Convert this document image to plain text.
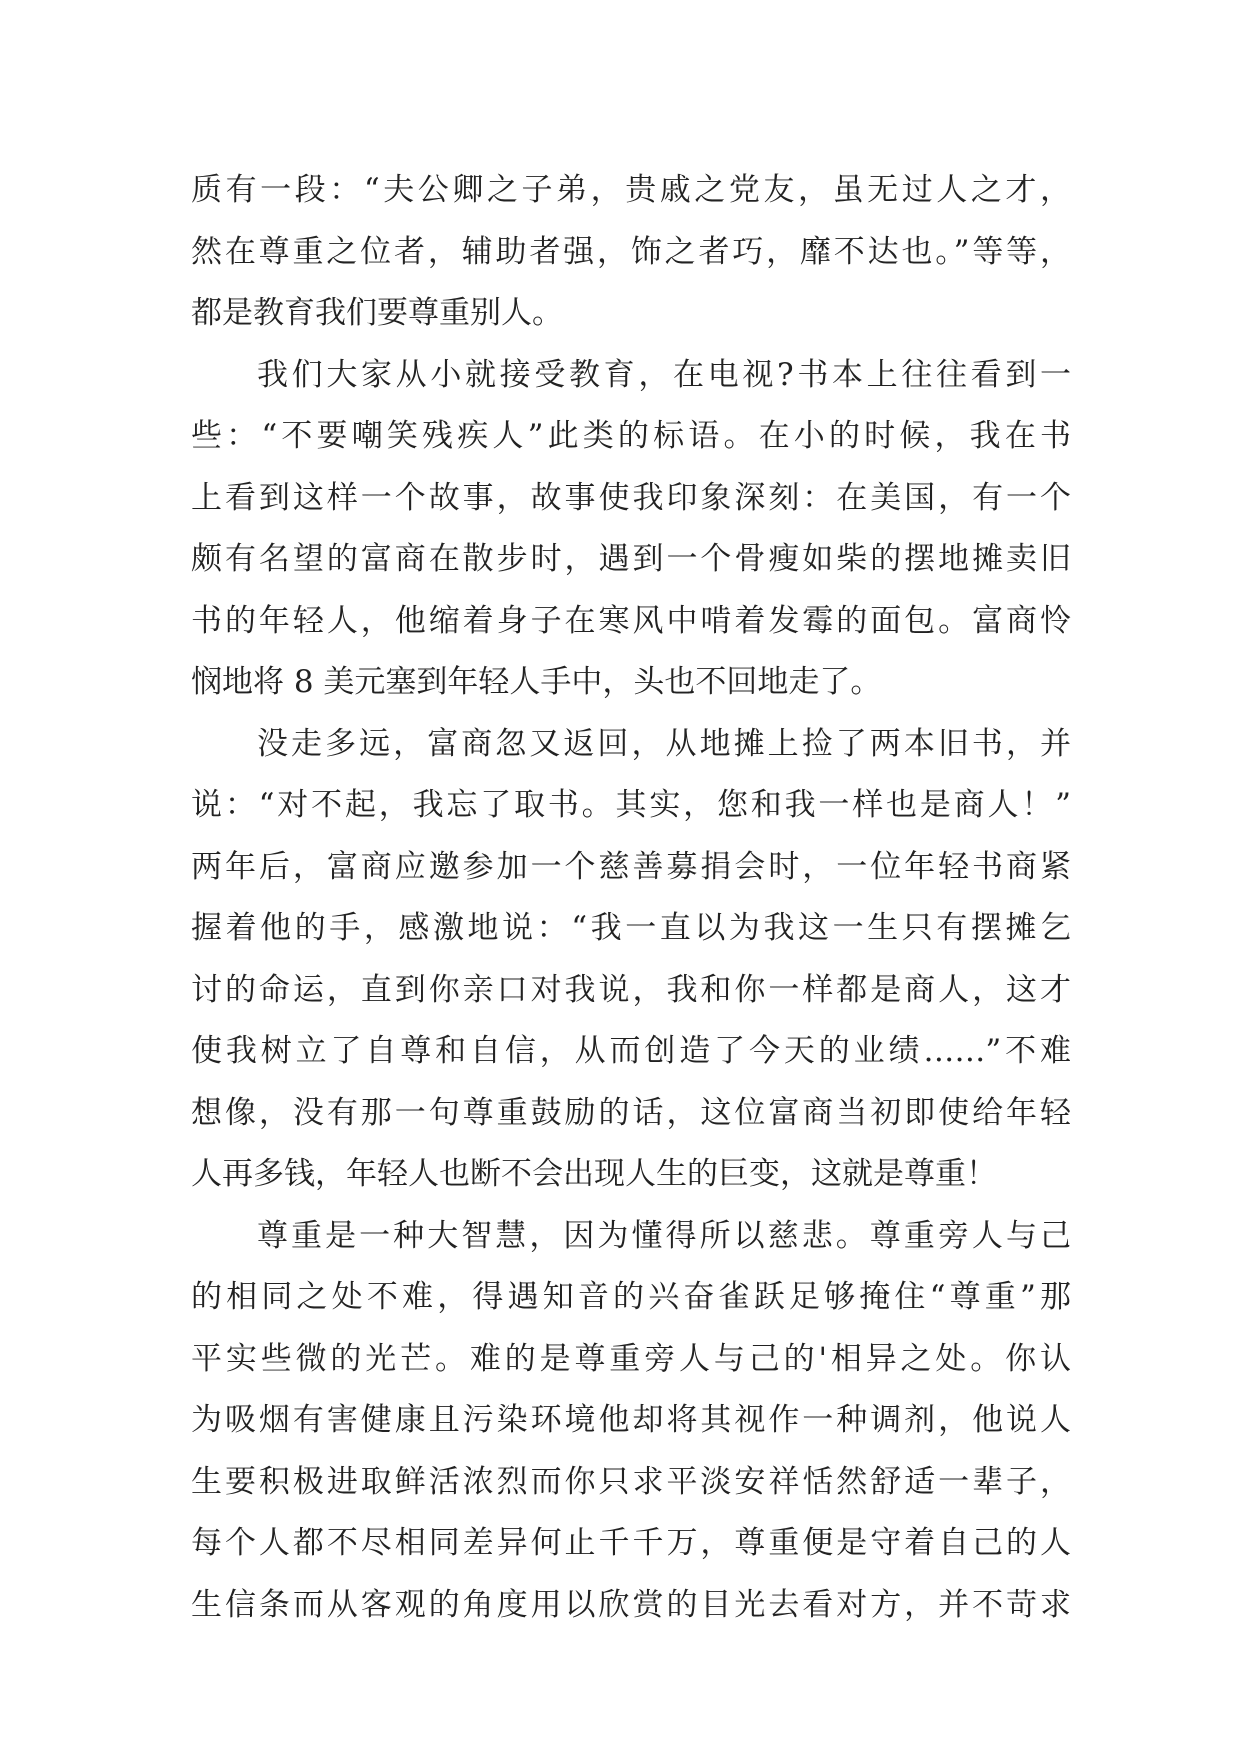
质有一段：“夫公卿之子弟，贵戚之党友，虽无过人之才，
然在尊重之位者，辅助者强，饰之者巧，靡不达也。”等等，
都是教育我们要尊重别人。
我们大家从小就接受教育，在电视?书本上往往看到一
些：“不要嘲笑残疾人”此类的标语。在小的时候，我在书
上看到这样一个故事，故事使我印象深刻：在美国，有一个
颇有名望的富商在散步时，遇到一个骨瘦如柴的摆地摊卖旧
书的年轻人，他缩着身子在寒风中啃着发霉的面包。富商怜
悯地将 8 美元塞到年轻人手中，头也不回地走了。
没走多远，富商忽又返回，从地摊上捡了两本旧书，并
说：“对不起，我忘了取书。其实，您和我一样也是商人！”
两年后，富商应邀参加一个慈善募捐会时，一位年轻书商紧
握着他的手，感激地说：“我一直以为我这一生只有摆摊乞
讨的命运，直到你亲口对我说，我和你一样都是商人，这才
使我树立了自尊和自信，从而创造了今天的业绩……”不难
想像，没有那一句尊重鼓励的话，这位富商当初即使给年轻
人再多钱，年轻人也断不会出现人生的巨变，这就是尊重！
尊重是一种大智慧，因为懂得所以慈悲。尊重旁人与己
的相同之处不难，得遇知音的兴奋雀跃足够掩住“尊重”那
平实些微的光芒。难的是尊重旁人与己的'相异之处。你认
为吸烟有害健康且污染环境他却将其视作一种调剂，他说人
生要积极进取鲜活浓烈而你只求平淡安祥恬然舒适一辈子，
每个人都不尽相同差异何止千千万，尊重便是守着自己的人
生信条而从客观的角度用以欣赏的目光去看对方，并不苛求
